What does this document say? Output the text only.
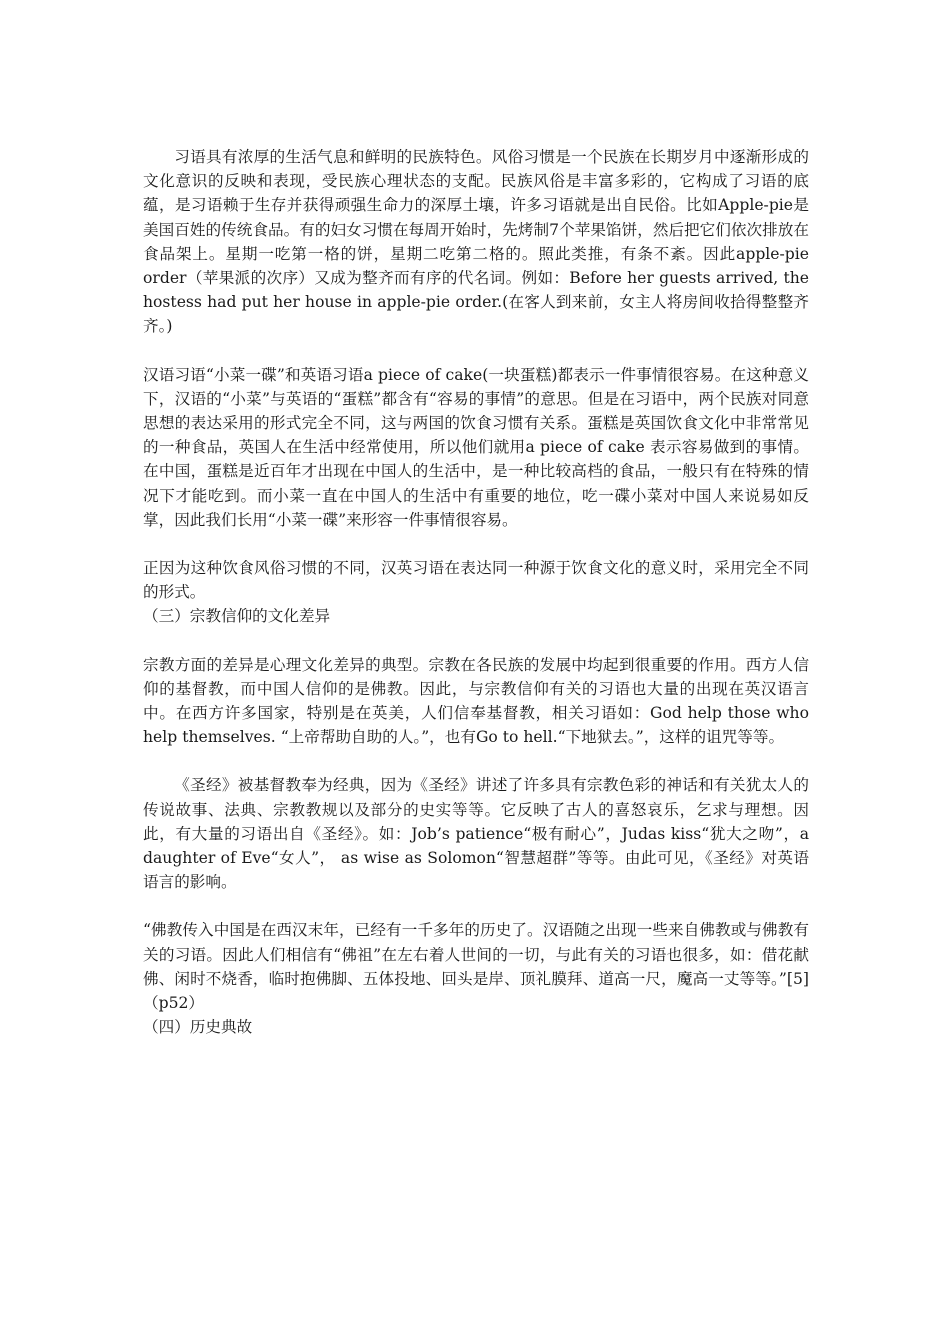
习语具有浓厚的生活气息和鲜明的民族特色。风俗习惯是一个民族在长期岁月中逐渐形成的文化意识的反映和表现，受民族心理状态的支配。民族风俗是丰富多彩的，它构成了习语的底蕴，是习语赖于生存并获得顽强生命力的深厚土壤，许多习语就是出自民俗。比如Apple-pie是美国百姓的传统食品。有的妇女习惯在每周开始时，先烤制7个苹果馅饼，然后把它们依次排放在食品架上。星期一吃第一格的饼，星期二吃第二格的。照此类推，有条不紊。因此apple-pie order（苹果派的次序）又成为整齐而有序的代名词。例如：Before her guests arrived, the hostess had put her house in apple-pie order.(在客人到来前，女主人将房间收拾得整整齐齐。)

汉语习语“小菜一碟”和英语习语a piece of cake(一块蛋糕)都表示一件事情很容易。在这种意义下，汉语的“小菜”与英语的“蛋糕”都含有“容易的事情”的意思。但是在习语中，两个民族对同意思想的表达采用的形式完全不同，这与两国的饮食习惯有关系。蛋糕是英国饮食文化中非常常见的一种食品，英国人在生活中经常使用，所以他们就用a piece of cake 表示容易做到的事情。在中国，蛋糕是近百年才出现在中国人的生活中，是一种比较高档的食品，一般只有在特殊的情况下才能吃到。而小菜一直在中国人的生活中有重要的地位，吃一碟小菜对中国人来说易如反掌，因此我们长用“小菜一碟”来形容一件事情很容易。

正因为这种饮食风俗习惯的不同，汉英习语在表达同一种源于饮食文化的意义时，采用完全不同的形式。

（三）宗教信仰的文化差异

宗教方面的差异是心理文化差异的典型。宗教在各民族的发展中均起到很重要的作用。西方人信仰的基督教，而中国人信仰的是佛教。因此，与宗教信仰有关的习语也大量的出现在英汉语言中。在西方许多国家，特别是在英美，人们信奉基督教，相关习语如：God help those who help themselves. “上帝帮助自助的人。”，也有Go to hell.“下地狱去。”，这样的诅咒等等。

《圣经》被基督教奉为经典，因为《圣经》讲述了许多具有宗教色彩的神话和有关犹太人的传说故事、法典、宗教教规以及部分的史实等等。它反映了古人的喜怒哀乐，乞求与理想。因此，有大量的习语出自《圣经》。如：Job’s patience“极有耐心”，Judas kiss“犹大之吻”，a daughter of Eve“女人”， as wise as Solomon“智慧超群”等等。由此可见，《圣经》对英语语言的影响。

“佛教传入中国是在西汉末年，已经有一千多年的历史了。汉语随之出现一些来自佛教或与佛教有关的习语。因此人们相信有“佛祖”在左右着人世间的一切，与此有关的习语也很多，如：借花献佛、闲时不烧香，临时抱佛脚、五体投地、回头是岸、顶礼膜拜、道高一尺，魔高一丈等等。”[5]（p52）

（四）历史典故
